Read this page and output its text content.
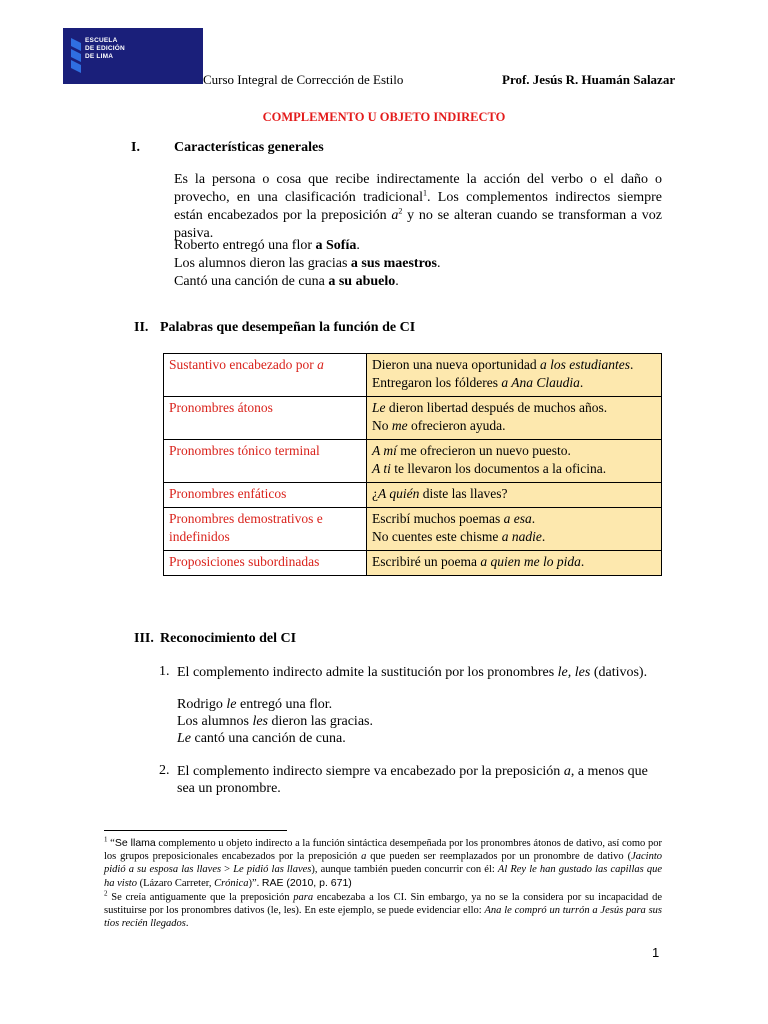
ESCUELA
DE EDICIÓN
DE LIMA
Curso Integral de Corrección de Estilo	Prof. Jesús R. Huamán Salazar
COMPLEMENTO U OBJETO INDIRECTO
I. Características generales
Es la persona o cosa que recibe indirectamente la acción del verbo o el daño o provecho, en una clasificación tradicional$^1$. Los complementos indirectos siempre están encabezados por la preposición $a^2$ y no se alteran cuando se transforman a voz pasiva.
Roberto entregó una flor a Sofía.
Los alumnos dieron las gracias a sus maestros.
Cantó una canción de cuna a su abuelo.
II. Palabras que desempeñan la función de CI
Sustantivo encabezado por a	Dieron una nueva oportunidad a los estudiantes.
Entregaron los fólderes a Ana Claudia.

Pronombres átonos	Le dieron libertad después de muchos años.
No me ofrecieron ayuda.

Pronombres tónico terminal	A mí me ofrecieron un nuevo puesto.
A ti te llevaron los documentos a la oficina.

Pronombres enfáticos	¿A quién diste las llaves?

Pronombres demostrativos e indefinidos	Escribí muchos poemas a esa.
No cuentes este chisme a nadie.

Proposiciones subordinadas	Escribiré un poema a quien me lo pida.
III. Reconocimiento del CI
1. El complemento indirecto admite la sustitución por los pronombres le, les (dativos).
Rodrigo le entregó una flor.
Los alumnos les dieron las gracias.
Le cantó una canción de cuna.
2. El complemento indirecto siempre va encabezado por la preposición a, a menos que
sea un pronombre.
$^1$ “Se llama complemento u objeto indirecto a la función sintáctica desempeñada por los pronombres átonos de dativo, así como por los grupos preposicionales encabezados por la preposición a que pueden ser reemplazados por un pronombre de dativo (Jacinto pidió a su esposa las llaves > Le pidió las llaves), aunque también pueden concurrir con él: Al Rey le han gustado las capillas que ha visto (Lázaro Carreter, Crónica)”. RAE (2010, p. 671)
$^2$ Se creía antiguamente que la preposición para encabezaba a los CI. Sin embargo, ya no se la considera por su incapacidad de sustituirse por los pronombres dativos (le, les). En este ejemplo, se puede evidenciar ello: Ana le compró un turrón a Jesús para sus tíos recién llegados.
1
